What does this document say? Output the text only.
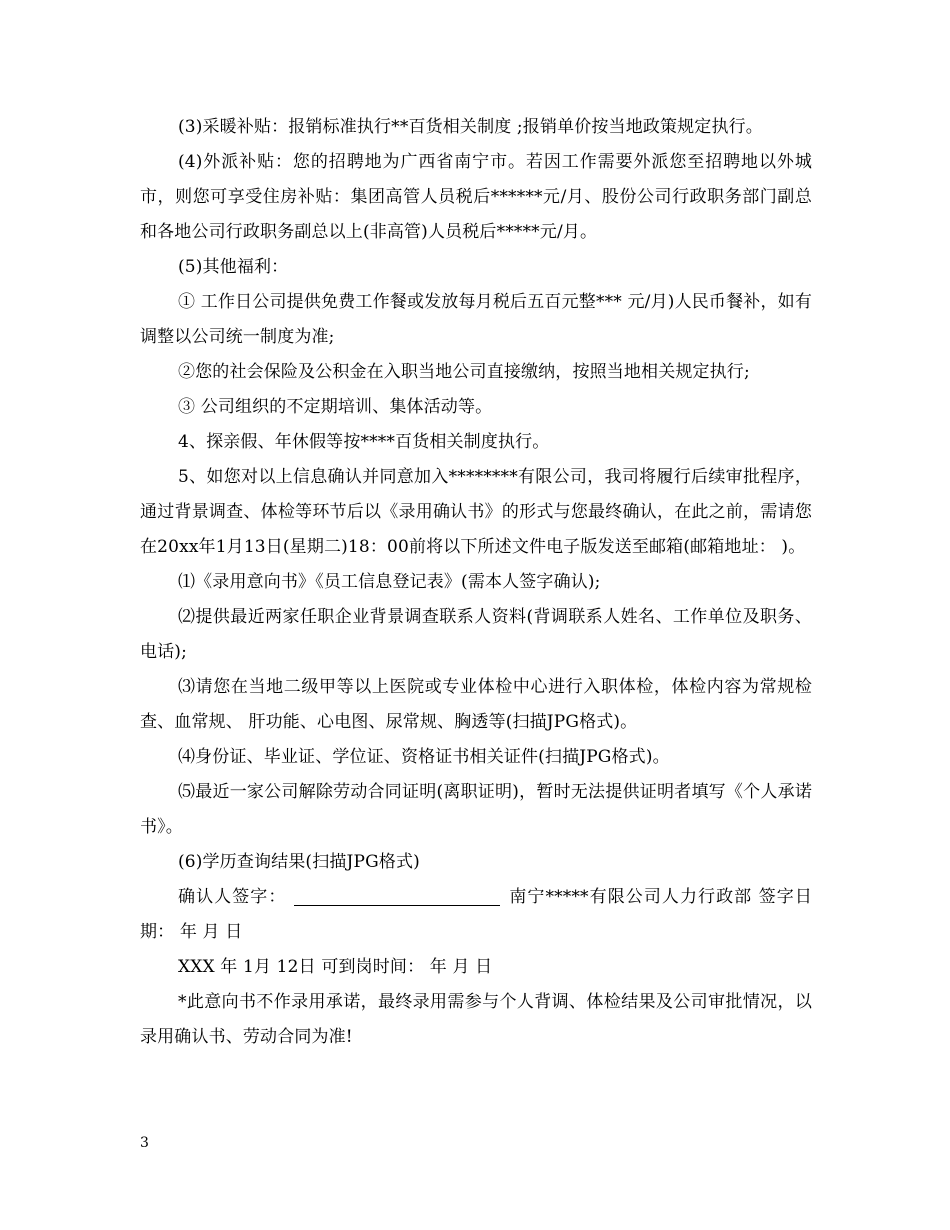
(3)采暖补贴：报销标准执行**百货相关制度 ;报销单价按当地政策规定执行。

(4)外派补贴：您的招聘地为广西省南宁市。若因工作需要外派您至招聘地以外城市，则您可享受住房补贴：集团高管人员税后******元/月、股份公司行政职务部门副总和各地公司行政职务副总以上(非高管)人员税后*****元/月。

(5)其他福利：

① 工作日公司提供免费工作餐或发放每月税后五百元整*** 元/月)人民币餐补，如有调整以公司统一制度为准;

②您的社会保险及公积金在入职当地公司直接缴纳，按照当地相关规定执行;

③ 公司组织的不定期培训、集体活动等。

4、探亲假、年休假等按****百货相关制度执行。

5、如您对以上信息确认并同意加入********有限公司，我司将履行后续审批程序，通过背景调查、体检等环节后以《录用确认书》的形式与您最终确认，在此之前，需请您在20xx年1月13日(星期二)18：00前将以下所述文件电子版发送至邮箱(邮箱地址： )。

⑴《录用意向书》《员工信息登记表》(需本人签字确认);

⑵提供最近两家任职企业背景调查联系人资料(背调联系人姓名、工作单位及职务、电话);

⑶请您在当地二级甲等以上医院或专业体检中心进行入职体检，体检内容为常规检查、血常规、 肝功能、心电图、尿常规、胸透等(扫描JPG格式)。

⑷身份证、毕业证、学位证、资格证书相关证件(扫描JPG格式)。

⑸最近一家公司解除劳动合同证明(离职证明)，暂时无法提供证明者填写《个人承诺书》。

(6)学历查询结果(扫描JPG格式)

确认人签字：	南宁*****有限公司人力行政部 签字日期： 年 月 日

XXX 年 1月 12日 可到岗时间： 年 月 日

*此意向书不作录用承诺，最终录用需参与个人背调、体检结果及公司审批情况，以录用确认书、劳动合同为准!

3
